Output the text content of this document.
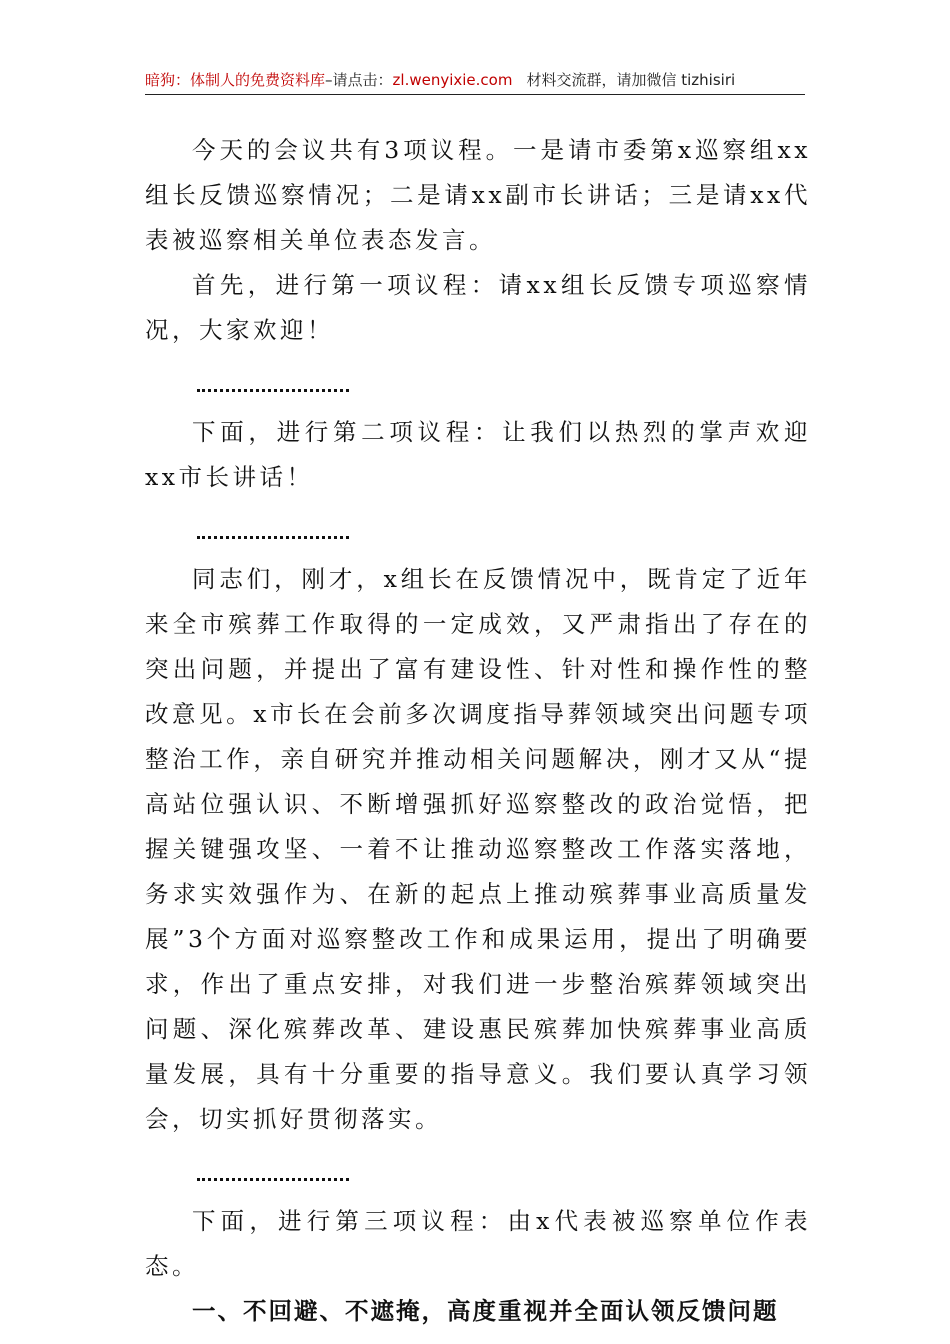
暗狗：体制人的免费资料库–请点击：zl.wenyixie.com 材料交流群，请加微信 tizhisiri

今天的会议共有3项议程。一是请市委第x巡察组xx组长反馈巡察情况；二是请xx副市长讲话；三是请xx代表被巡察相关单位表态发言。

首先，进行第一项议程：请xx组长反馈专项巡察情况，大家欢迎！

下面，进行第二项议程：让我们以热烈的掌声欢迎xx市长讲话！

同志们，刚才，x组长在反馈情况中，既肯定了近年来全市殡葬工作取得的一定成效，又严肃指出了存在的突出问题，并提出了富有建设性、针对性和操作性的整改意见。x市长在会前多次调度指导葬领域突出问题专项整治工作，亲自研究并推动相关问题解决，刚才又从“提高站位强认识、不断增强抓好巡察整改的政治觉悟，把握关键强攻坚、一着不让推动巡察整改工作落实落地，务求实效强作为、在新的起点上推动殡葬事业高质量发展”3个方面对巡察整改工作和成果运用，提出了明确要求，作出了重点安排，对我们进一步整治殡葬领域突出问题、深化殡葬改革、建设惠民殡葬加快殡葬事业高质量发展，具有十分重要的指导意义。我们要认真学习领会，切实抓好贯彻落实。

下面，进行第三项议程：由x代表被巡察单位作表态。

一、不回避、不遮掩，高度重视并全面认领反馈问题
